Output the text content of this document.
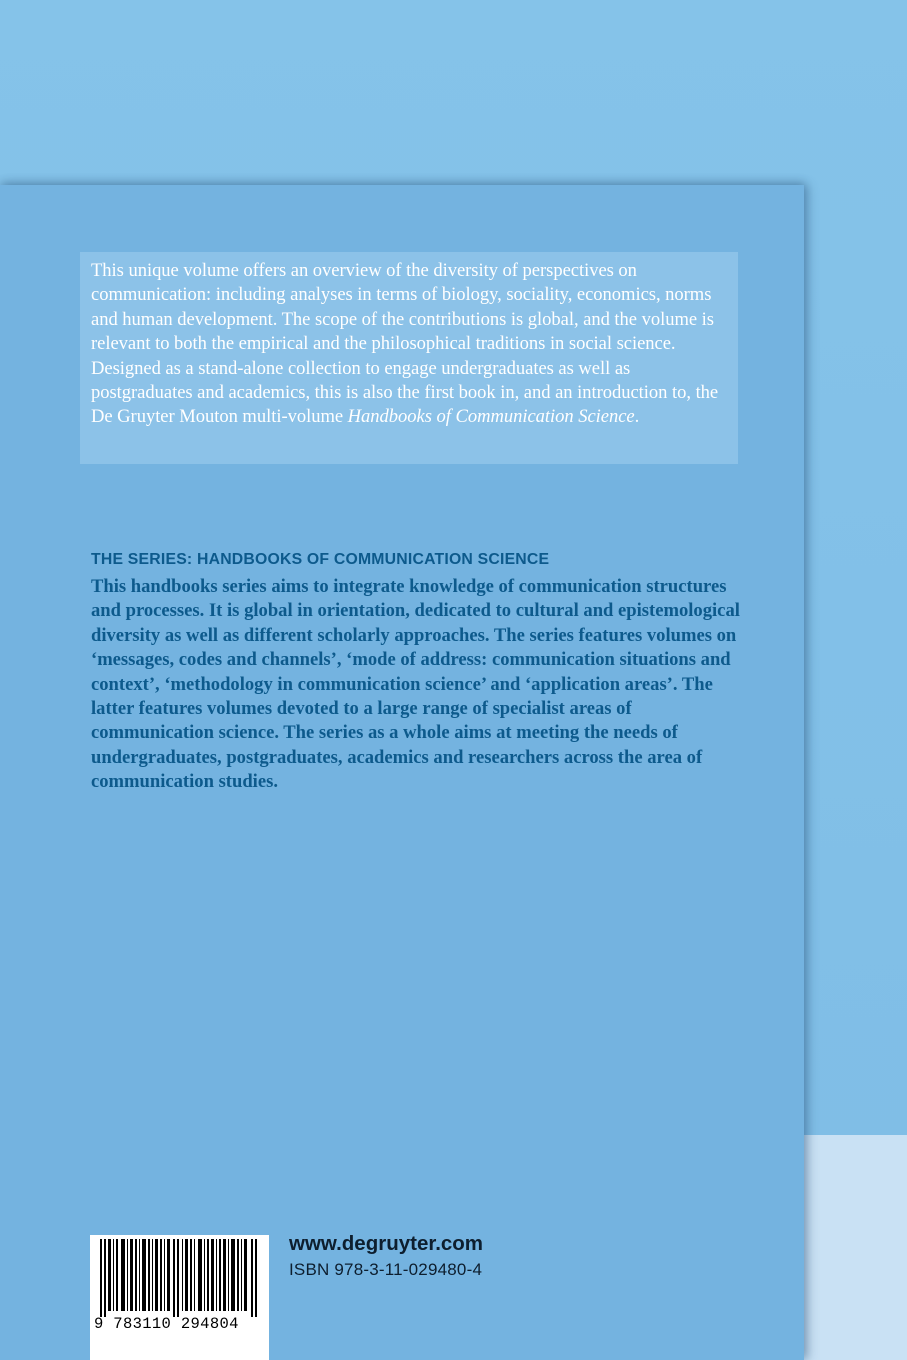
This unique volume offers an overview of the diversity of perspectives on communication: including analyses in terms of biology, sociality, economics, norms and human development. The scope of the contributions is global, and the volume is relevant to both the empirical and the philosophical traditions in social science. Designed as a stand-alone collection to engage undergraduates as well as postgraduates and academics, this is also the first book in, and an introduction to, the De Gruyter Mouton multi-volume Handbooks of Communication Science.
THE SERIES: HANDBOOKS OF COMMUNICATION SCIENCE
This handbooks series aims to integrate knowledge of communication structures and processes. It is global in orientation, dedicated to cultural and epistemological diversity as well as different scholarly approaches. The series features volumes on ‘messages, codes and channels’, ‘mode of address: communication situations and context’, ‘methodology in communication science’ and ‘application areas’. The latter features volumes devoted to a large range of specialist areas of communication science. The series as a whole aims at meeting the needs of undergraduates, postgraduates, academics and researchers across the area of communication studies.
9 783110 294804
www.degruyter.com
ISBN 978-3-11-029480-4
